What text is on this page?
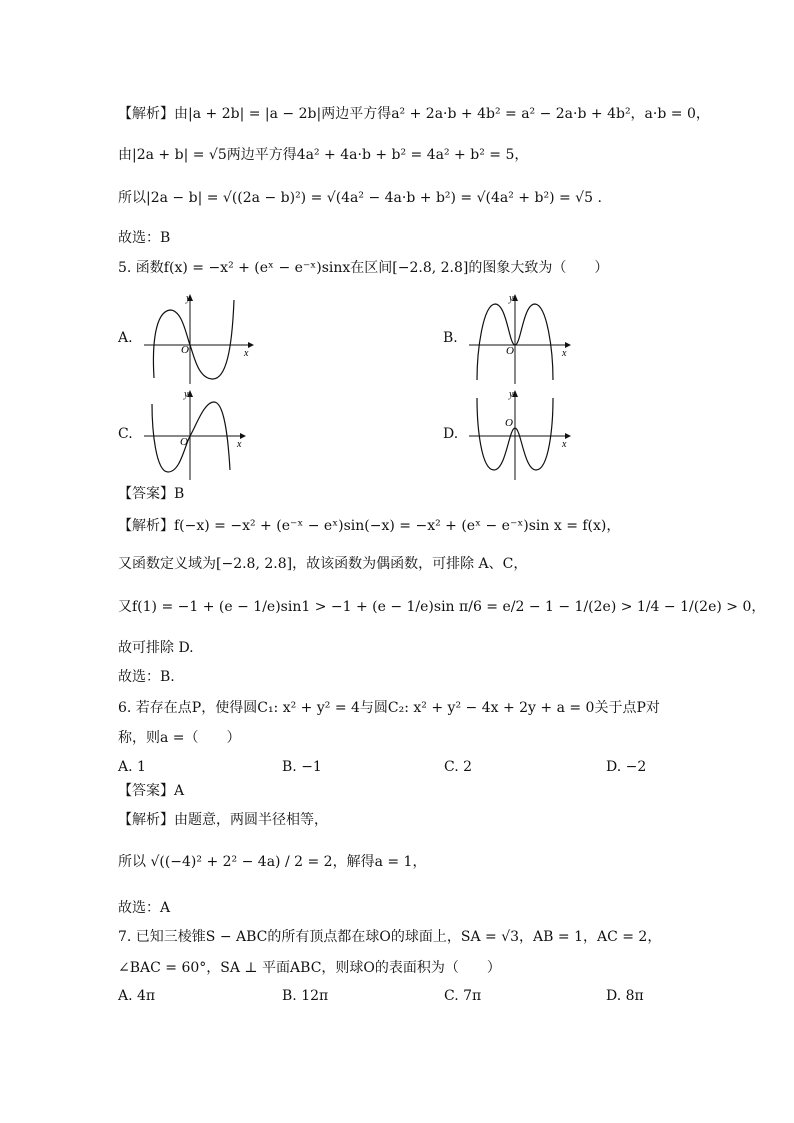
【解析】由|a + 2b| = |a − 2b|两边平方得a² + 2a·b + 4b² = a² − 2a·b + 4b²，a·b = 0，
由|2a + b| = √5两边平方得4a² + 4a·b + b² = 4a² + b² = 5，
所以|2a − b| = √((2a − b)²) = √(4a² − 4a·b + b²) = √(4a² + b²) = √5 .
故选：B
5. 函数f(x) = −x² + (eˣ − e⁻ˣ)sinx在区间[−2.8, 2.8]的图象大致为（　　）
A.	B.
C.	D.
y
x
O
y
x
O
y
x
O
y
x
O
【答案】B
【解析】f(−x) = −x² + (e⁻ˣ − eˣ)sin(−x) = −x² + (eˣ − e⁻ˣ)sin x = f(x)，
又函数定义域为[−2.8, 2.8]，故该函数为偶函数，可排除 A、C，
又f(1) = −1 + (e − 1/e)sin1 > −1 + (e − 1/e)sin π/6 = e/2 − 1 − 1/(2e) > 1/4 − 1/(2e) > 0，
故可排除 D.
故选：B.
6. 若存在点P，使得圆C₁: x² + y² = 4与圆C₂: x² + y² − 4x + 2y + a = 0关于点P对
称，则a =（　　）
A. 1	B. −1	C. 2	D. −2
【答案】A
【解析】由题意，两圆半径相等，
所以 √((−4)² + 2² − 4a) / 2 = 2，解得a = 1，
故选：A
7. 已知三棱锥S − ABC的所有顶点都在球O的球面上，SA = √3，AB = 1，AC = 2，
∠BAC = 60°，SA ⊥ 平面ABC，则球O的表面积为（　　）
A. 4π	B. 12π	C. 7π	D. 8π
